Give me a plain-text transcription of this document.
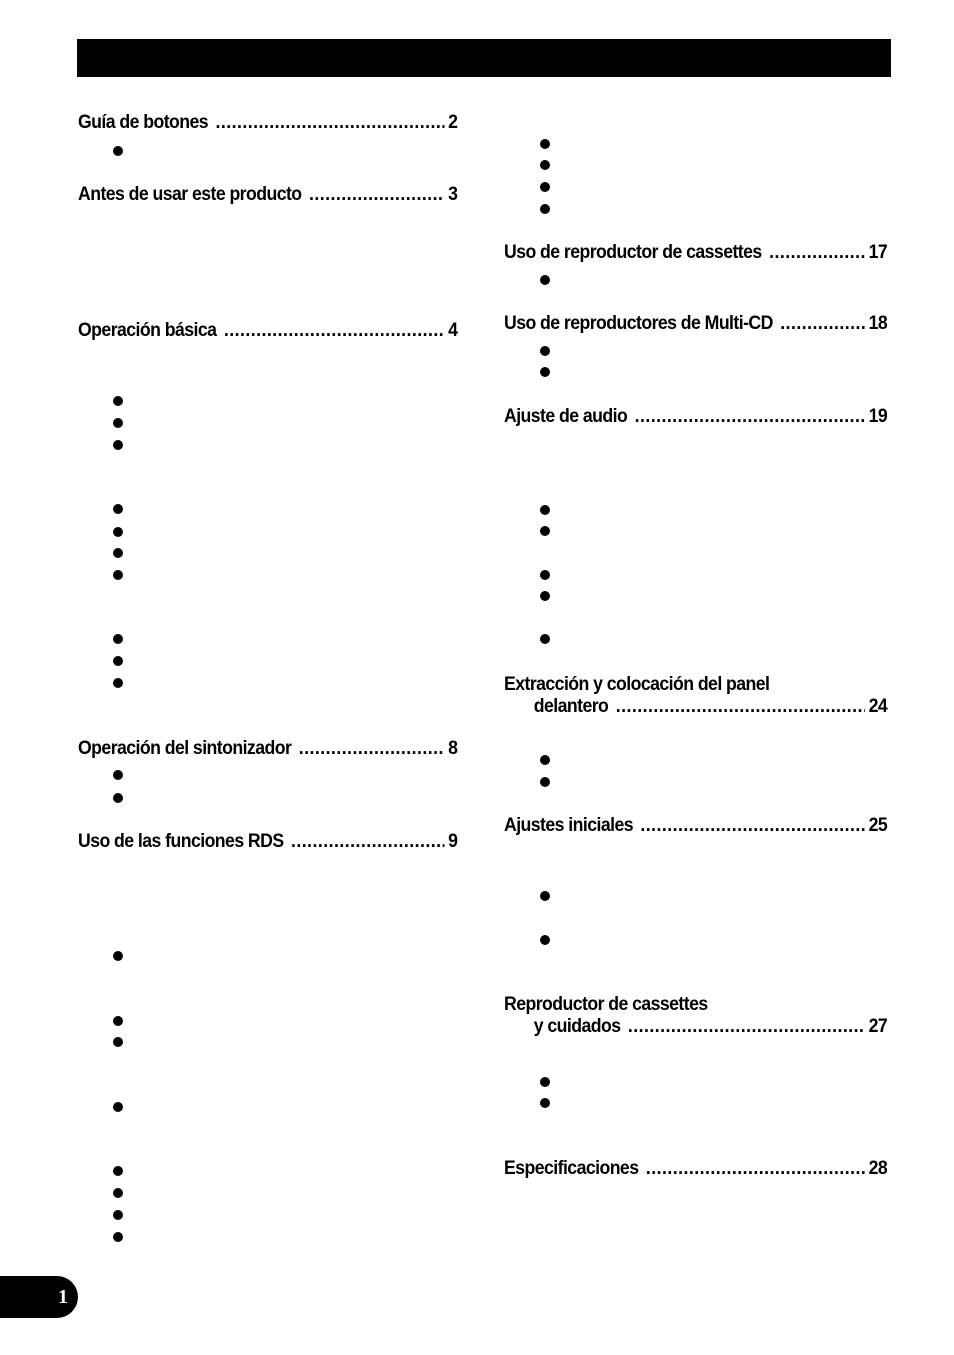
Guía de botones .....	2
Antes de usar este producto .....	3
Operación básica .....	4
Operación del sintonizador .....	8
Uso de las funciones RDS .....	9
Uso de reproductor de cassettes .....	17
Uso de reproductores de Multi-CD .....	18
Ajuste de audio .....	19
Extracción y colocación del panel
delantero .....	24
Ajustes iniciales .....	25
Reproductor de cassettes
y cuidados .....	27
Especificaciones .....	28
1
